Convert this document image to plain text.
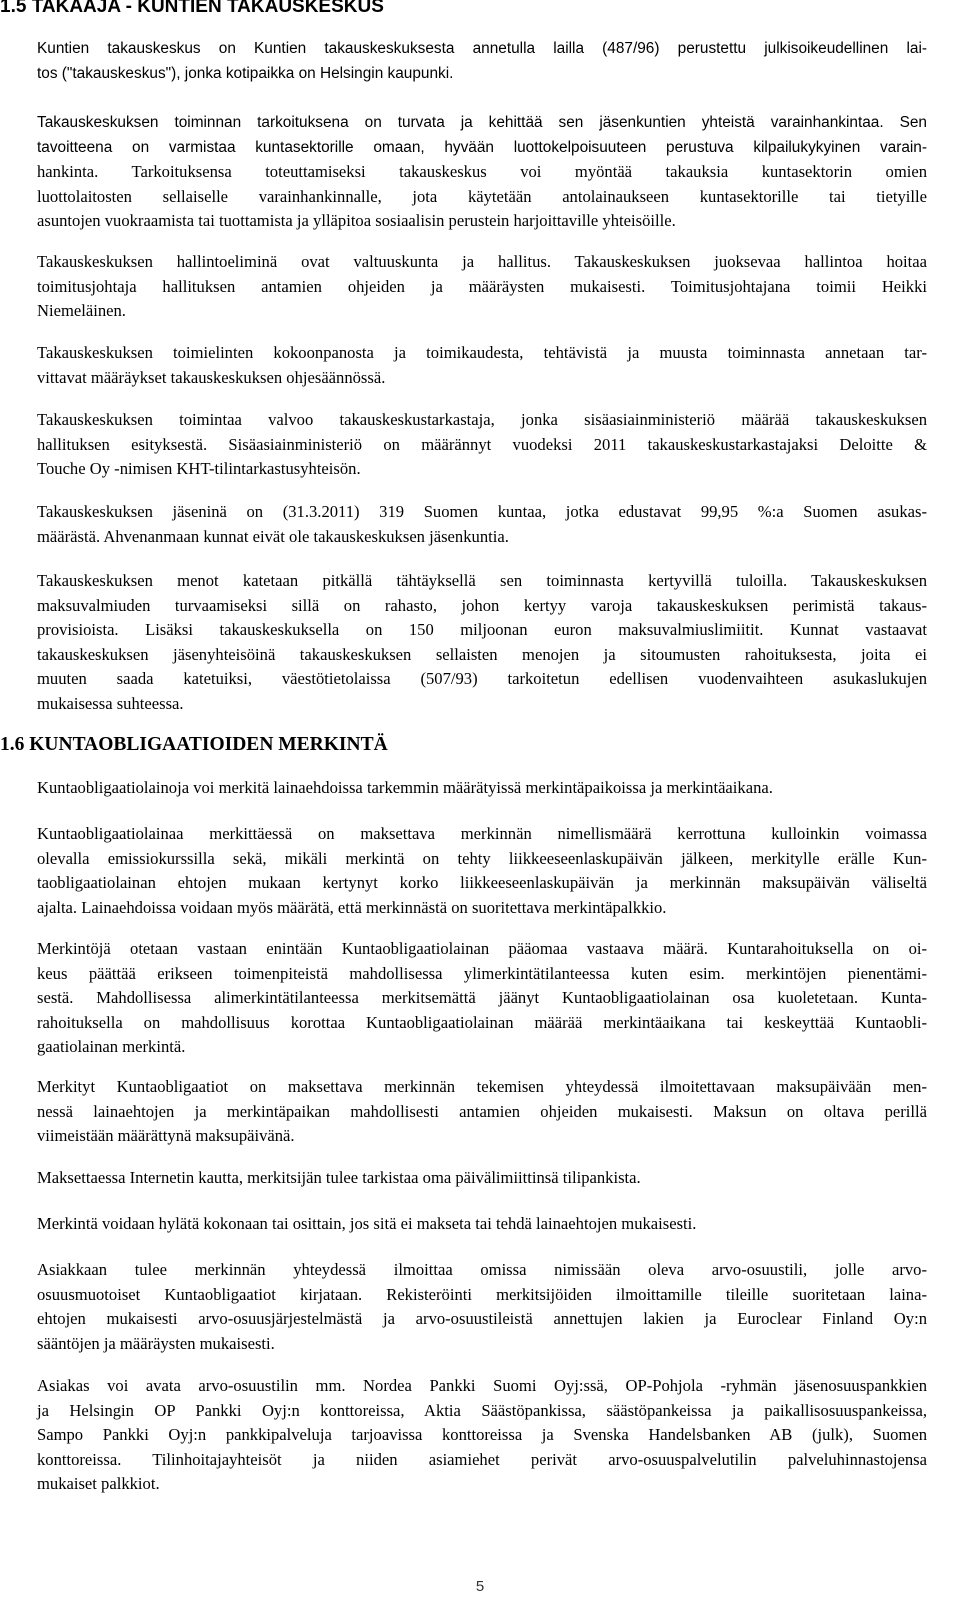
1.5 TAKAAJA - KUNTIEN TAKAUSKESKUS

Kuntien takauskeskus on Kuntien takauskeskuksesta annetulla lailla (487/96) perustettu julkisoikeudellinen lai-
tos ("takauskeskus"), jonka kotipaikka on Helsingin kaupunki.

Takauskeskuksen toiminnan tarkoituksena on turvata ja kehittää sen jäsenkuntien yhteistä varainhankintaa. Sen
tavoitteena on varmistaa kuntasektorille omaan, hyvään luottokelpoisuuteen perustuva kilpailukykyinen varain-

hankinta. Tarkoituksensa toteuttamiseksi takauskeskus voi myöntää takauksia kuntasektorin omien
luottolaitosten sellaiselle varainhankinnalle, jota käytetään antolainaukseen kuntasektorille tai tietyille
asuntojen vuokraamista tai tuottamista ja ylläpitoa sosiaalisin perustein harjoittaville yhteisöille.

Takauskeskuksen hallintoeliminä ovat valtuuskunta ja hallitus. Takauskeskuksen juoksevaa hallintoa hoitaa
toimitusjohtaja hallituksen antamien ohjeiden ja määräysten mukaisesti. Toimitusjohtajana toimii Heikki
Niemeläinen.

Takauskeskuksen toimielinten kokoonpanosta ja toimikaudesta, tehtävistä ja muusta toiminnasta annetaan tar-
vittavat määräykset takauskeskuksen ohjesäännössä.

Takauskeskuksen toimintaa valvoo takauskeskustarkastaja, jonka sisäasiainministeriö määrää takauskeskuksen
hallituksen esityksestä. Sisäasiainministeriö on määrännyt vuodeksi 2011 takauskeskustarkastajaksi Deloitte &
Touche Oy -nimisen KHT-tilintarkastusyhteisön.

Takauskeskuksen jäseninä on (31.3.2011) 319 Suomen kuntaa, jotka edustavat 99,95 %:a Suomen asukas-
määrästä. Ahvenanmaan kunnat eivät ole takauskeskuksen jäsenkuntia.

Takauskeskuksen menot katetaan pitkällä tähtäyksellä sen toiminnasta kertyvillä tuloilla. Takauskeskuksen
maksuvalmiuden turvaamiseksi sillä on rahasto, johon kertyy varoja takauskeskuksen perimistä takaus-
provisioista. Lisäksi takauskeskuksella on 150 miljoonan euron maksuvalmiuslimiitit. Kunnat vastaavat
takauskeskuksen jäsenyhteisöinä takauskeskuksen sellaisten menojen ja sitoumusten rahoituksesta, joita ei
muuten saada katetuiksi, väestötietolaissa (507/93) tarkoitetun edellisen vuodenvaihteen asukaslukujen
mukaisessa suhteessa.

1.6 KUNTAOBLIGAATIOIDEN MERKINTÄ

Kuntaobligaatiolainoja voi merkitä lainaehdoissa tarkemmin määrätyissä merkintäpaikoissa ja merkintäaikana.

Kuntaobligaatiolainaa merkittäessä on maksettava merkinnän nimellismäärä kerrottuna kulloinkin voimassa
olevalla emissiokurssilla sekä, mikäli merkintä on tehty liikkeeseenlaskupäivän jälkeen, merkitylle erälle Kun-
taobligaatiolainan ehtojen mukaan kertynyt korko liikkeeseenlaskupäivän ja merkinnän maksupäivän väliseltä
ajalta. Lainaehdoissa voidaan myös määrätä, että merkinnästä on suoritettava merkintäpalkkio.

Merkintöjä otetaan vastaan enintään Kuntaobligaatiolainan pääomaa vastaava määrä. Kuntarahoituksella on oi-
keus päättää erikseen toimenpiteistä mahdollisessa ylimerkintätilanteessa kuten esim. merkintöjen pienentämi-
sestä. Mahdollisessa alimerkintätilanteessa merkitsemättä jäänyt Kuntaobligaatiolainan osa kuoletetaan. Kunta-
rahoituksella on mahdollisuus korottaa Kuntaobligaatiolainan määrää merkintäaikana tai keskeyttää Kuntaobli-
gaatiolainan merkintä.

Merkityt Kuntaobligaatiot on maksettava merkinnän tekemisen yhteydessä ilmoitettavaan maksupäivään men-
nessä lainaehtojen ja merkintäpaikan mahdollisesti antamien ohjeiden mukaisesti. Maksun on oltava perillä
viimeistään määrättynä maksupäivänä.

Maksettaessa Internetin kautta, merkitsijän tulee tarkistaa oma päivälimiittinsä tilipankista.

Merkintä voidaan hylätä kokonaan tai osittain, jos sitä ei makseta tai tehdä lainaehtojen mukaisesti.

Asiakkaan tulee merkinnän yhteydessä ilmoittaa omissa nimissään oleva arvo-osuustili, jolle arvo-
osuusmuotoiset Kuntaobligaatiot kirjataan. Rekisteröinti merkitsijöiden ilmoittamille tileille suoritetaan laina-
ehtojen mukaisesti arvo-osuusjärjestelmästä ja arvo-osuustileistä annettujen lakien ja Euroclear Finland Oy:n
sääntöjen ja määräysten mukaisesti.

Asiakas voi avata arvo-osuustilin mm. Nordea Pankki Suomi Oyj:ssä, OP-Pohjola -ryhmän jäsenosuuspankkien
ja Helsingin OP Pankki Oyj:n konttoreissa, Aktia Säästöpankissa, säästöpankeissa ja paikallisosuuspankeissa,
Sampo Pankki Oyj:n pankkipalveluja tarjoavissa konttoreissa ja Svenska Handelsbanken AB (julk), Suomen
konttoreissa. Tilinhoitajayhteisöt ja niiden asiamiehet perivät arvo-osuuspalvelutilin palveluhinnastojensa
mukaiset palkkiot.

5
